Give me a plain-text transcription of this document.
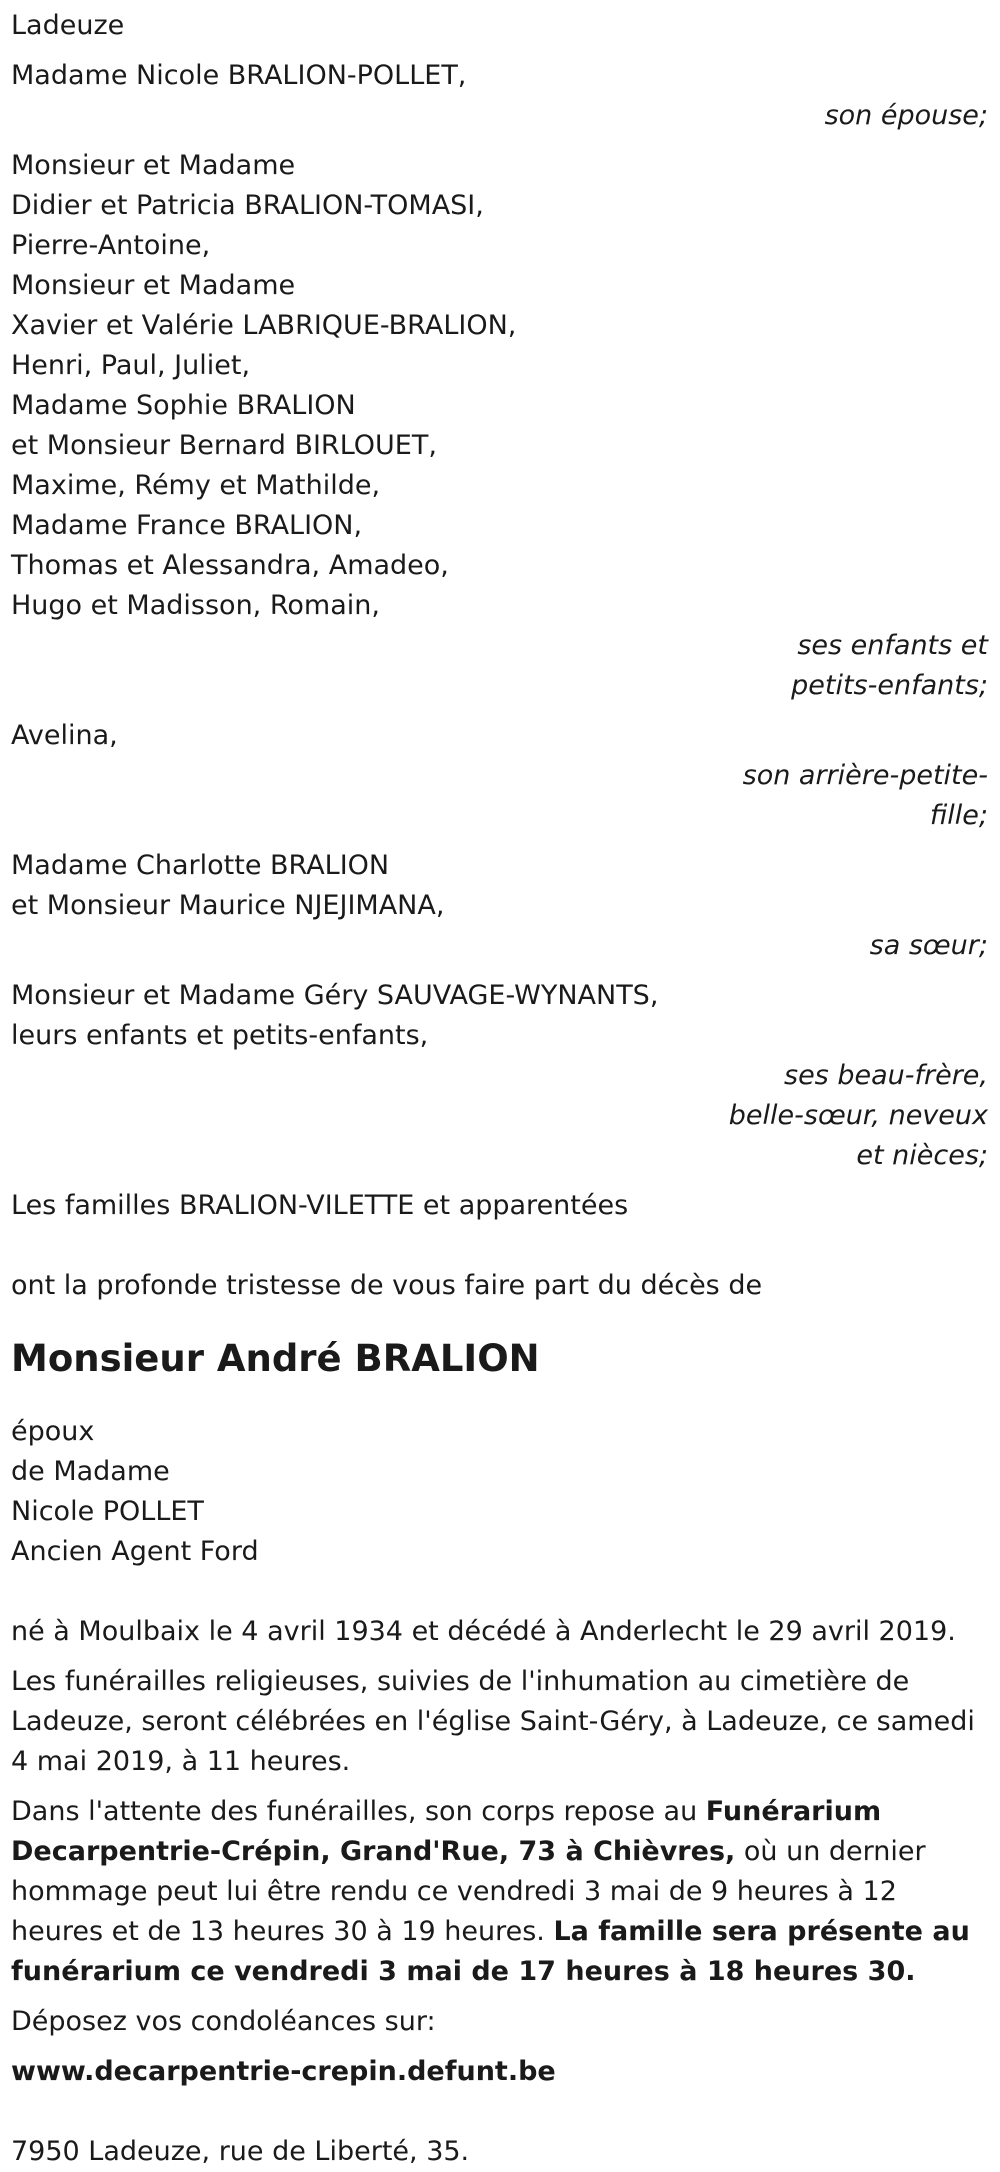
Ladeuze
Madame Nicole BRALION-POLLET,
son épouse;
Monsieur et Madame
Didier et Patricia BRALION-TOMASI,
Pierre-Antoine,
Monsieur et Madame
Xavier et Valérie LABRIQUE-BRALION,
Henri, Paul, Juliet,
Madame Sophie BRALION
et Monsieur Bernard BIRLOUET,
Maxime, Rémy et Mathilde,
Madame France BRALION,
Thomas et Alessandra, Amadeo,
Hugo et Madisson, Romain,
ses enfants et
petits-enfants;
Avelina,
son arrière-petite-
fille;
Madame Charlotte BRALION
et Monsieur Maurice NJEJIMANA,
sa sœur;
Monsieur et Madame Géry SAUVAGE-WYNANTS,
leurs enfants et petits-enfants,
ses beau-frère,
belle-sœur, neveux
et nièces;
Les familles BRALION-VILETTE et apparentées
ont la profonde tristesse de vous faire part du décès de
Monsieur André BRALION
époux
de Madame
Nicole POLLET
Ancien Agent Ford
né à Moulbaix le 4 avril 1934 et décédé à Anderlecht le 29 avril 2019.
Les funérailles religieuses, suivies de l'inhumation au cimetière de Ladeuze, seront célébrées en l'église Saint-Géry, à Ladeuze, ce samedi 4 mai 2019, à 11 heures.
Dans l'attente des funérailles, son corps repose au Funérarium Decarpentrie-Crépin, Grand'Rue, 73 à Chièvres, où un dernier hommage peut lui être rendu ce vendredi 3 mai de 9 heures à 12 heures et de 13 heures 30 à 19 heures. La famille sera présente au funérarium ce vendredi 3 mai de 17 heures à 18 heures 30.
Déposez vos condoléances sur:
www.decarpentrie-crepin.defunt.be
7950 Ladeuze, rue de Liberté, 35.
